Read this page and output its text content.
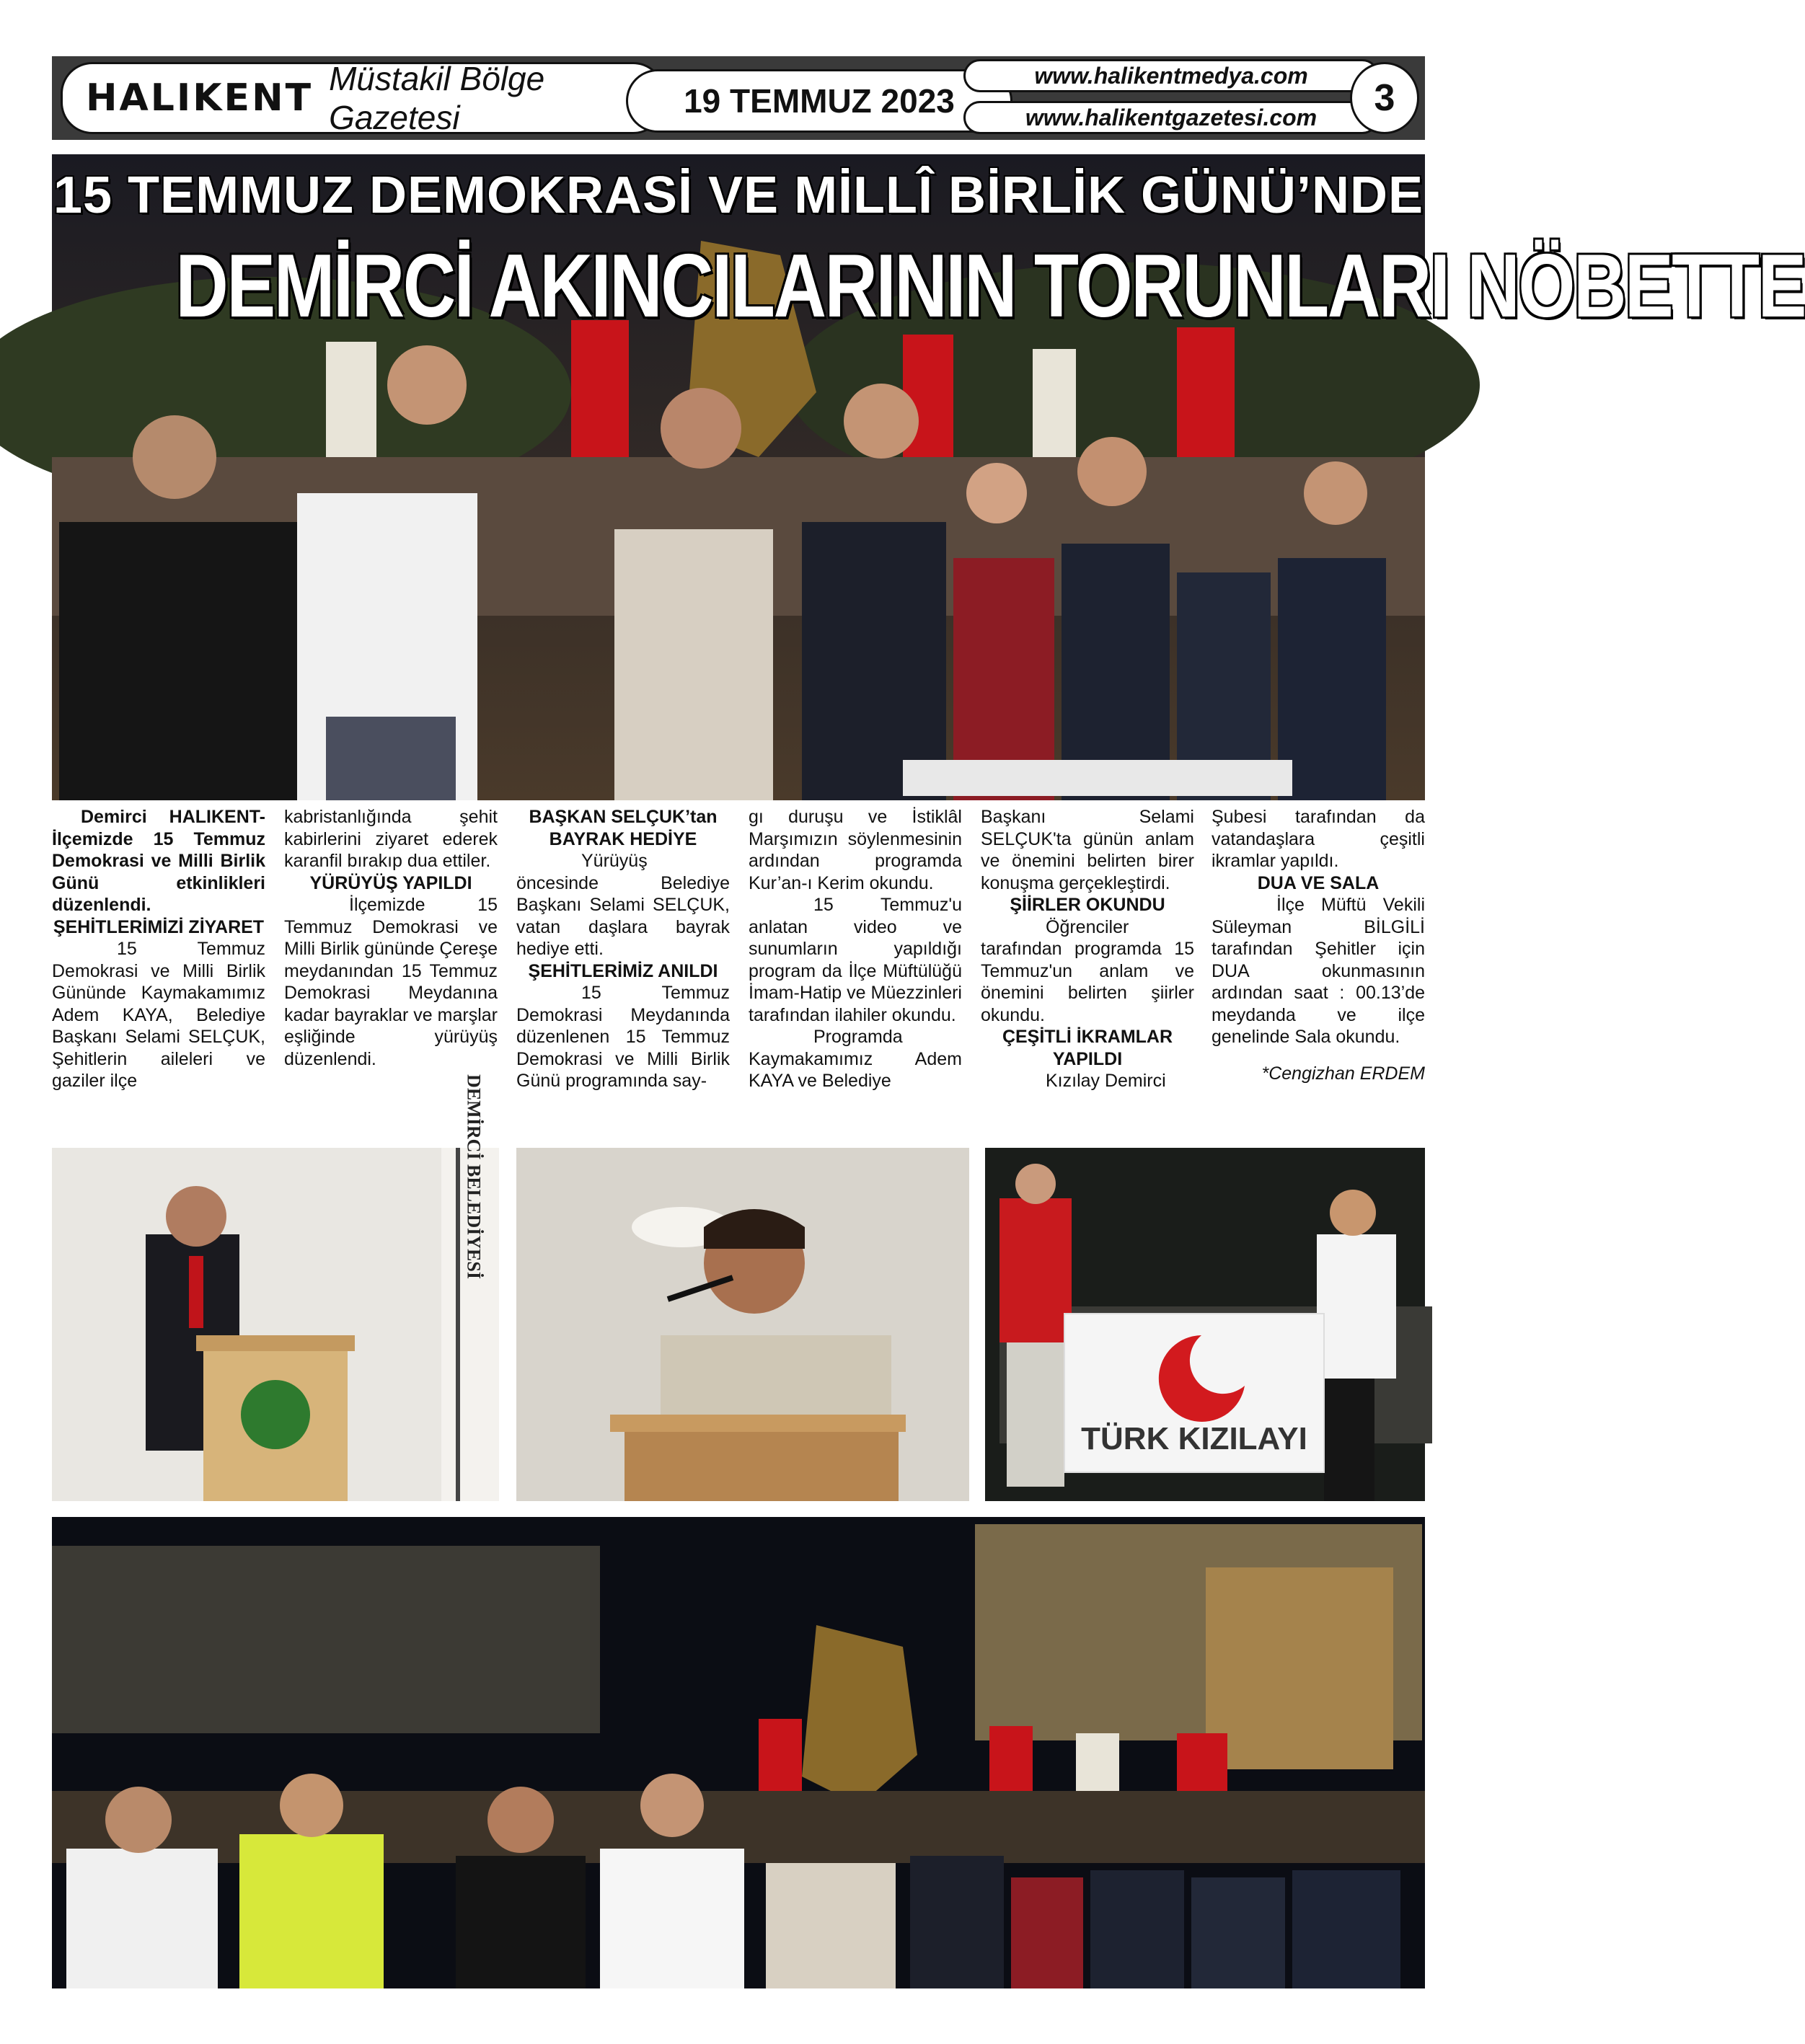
HALIKENT Müstakil Bölge Gazetesi	19 TEMMUZ 2023
www.halikentmedya.com
www.halikentgazetesi.com	3
15 TEMMUZ DEMOKRASİ VE MİLLÎ BİRLİK GÜNÜ’NDE
DEMİRCİ AKINCILARININ TORUNLARI NÖBETTE

Demirci HALIKENT- İlçemizde 15 Temmuz Demokrasi ve Milli Birlik Günü etkinlikleri düzenlendi.

ŞEHİTLERİMİZİ ZİYARET

15 Temmuz Demokrasi ve Milli Birlik Gününde Kaymakamımız Adem KAYA, Belediye Başkanı Selami SELÇUK, Şehitlerin aileleri ve gaziler ilçe

kabristanlığında şehit kabirlerini ziyaret ederek karanfil bırakıp dua ettiler.

YÜRÜYÜŞ YAPILDI

İlçemizde 15 Temmuz Demokrasi ve Milli Birlik gününde Çereşe meydanından 15 Temmuz Demokrasi Meydanına kadar bayraklar ve marşlar eşliğinde yürüyüş düzenlendi.

BAŞKAN SELÇUK’tan BAYRAK HEDİYE

Yürüyüş öncesinde Belediye Başkanı Selami SELÇUK, vatan daşlara bayrak hediye etti.

ŞEHİTLERİMİZ ANILDI

15 Temmuz Demokrasi Meydanında düzenlenen 15 Temmuz Demokrasi ve Milli Birlik Günü programında say-

gı duruşu ve İstiklâl Marşımızın söylenmesinin ardından programda Kur’an-ı Kerim okundu.

15 Temmuz'u anlatan video ve sunumların yapıldığı program da İlçe Müftülüğü İmam-Hatip ve Müezzinleri tarafından ilahiler okundu.

Programda Kaymakamımız Adem KAYA ve Belediye

Başkanı Selami SELÇUK'ta günün anlam ve önemini belirten birer konuşma gerçekleştirdi.

ŞİİRLER OKUNDU

Öğrenciler tarafından programda 15 Temmuz'un anlam ve önemini belirten şiirler okundu.

ÇEŞİTLİ İKRAMLAR YAPILDI

Kızılay Demirci

Şubesi tarafından da vatandaşlara çeşitli ikramlar yapıldı.

DUA VE SALA

İlçe Müftü Vekili Süleyman BİLGİLİ tarafından Şehitler için DUA okunmasının ardından saat : 00.13’de meydanda ve ilçe genelinde Sala okundu.

*Cengizhan ERDEM

DEMİRCİ BELEDİYESİ
TÜRK KIZILAYI
